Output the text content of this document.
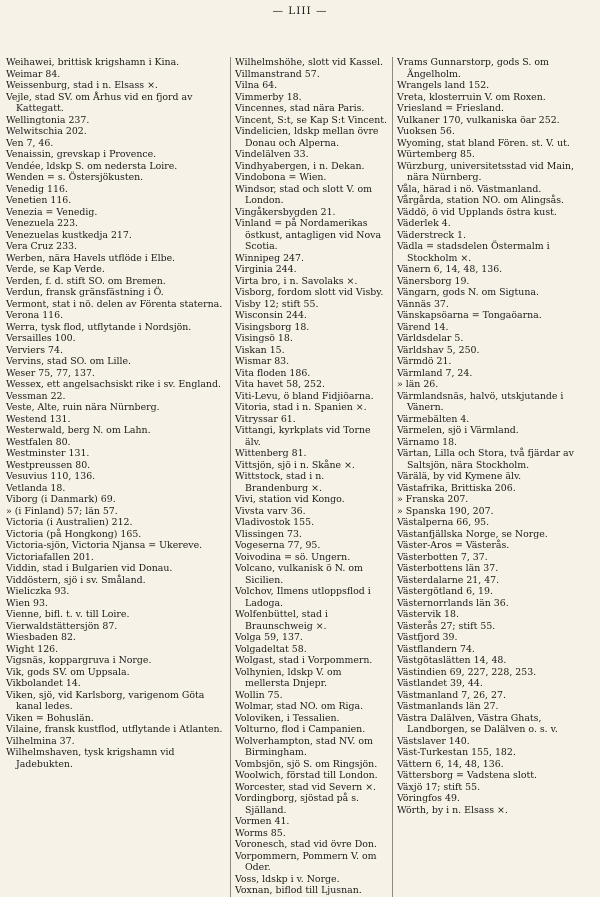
— LIII —
Weihawei, brittisk krigshamn i Kina.
Weimar 84.
Weissenburg, stad i n. Elsass ×.
Vejle, stad SV. om Århus vid en fjord av Kattegatt.
Wellingtonia 237.
Welwitschia 202.
Ven 7, 46.
Venaissin, grevskap i Provence.
Vendée, ldskp S. om nedersta Loire.
Wenden = s. Östersjökusten.
Venedig 116.
Venetien 116.
Venezia = Venedig.
Venezuela 223.
Venezuelas kustkedja 217.
Vera Cruz 233.
Werben, nära Havels utflöde i Elbe.
Verde, se Kap Verde.
Verden, f. d. stift SO. om Bremen.
Verdun, fransk gränsfästning i Ö.
Vermont, stat i nö. delen av Förenta staterna.
Verona 116.
Werra, tysk flod, utflytande i Nordsjön.
Versailles 100.
Verviers 74.
Vervins, stad SO. om Lille.
Weser 75, 77, 137.
Wessex, ett angelsachsiskt rike i sv. England.
Vessman 22.
Veste, Alte, ruin nära Nürnberg.
Westend 131.
Westerwald, berg N. om Lahn.
Westfalen 80.
Westminster 131.
Westpreussen 80.
Vesuvius 110, 136.
Vetlanda 18.
Viborg (i Danmark) 69.
» (i Finland) 57; län 57.
Victoria (i Australien) 212.
Victoria (på Hongkong) 165.
Victoria-sjön, Victoria Njansa = Ukereve.
Victoriafallen 201.
Viddin, stad i Bulgarien vid Donau.
Viddöstern, sjö i sv. Småland.
Wieliczka 93.
Wien 93.
Vienne, bifl. t. v. till Loire.
Vierwaldstättersjön 87.
Wiesbaden 82.
Wight 126.
Vigsnäs, koppargruva i Norge.
Vik, gods SV. om Uppsala.
Vikbolandet 14.
Viken, sjö, vid Karlsborg, varigenom Göta kanal ledes.
Viken = Bohuslän.
Vilaine, fransk kustflod, utflytande i Atlanten.
Vilhelmina 37.
Wilhelmshaven, tysk krigshamn vid Jadebukten.
Wilhelmshöhe, slott vid Kassel.
Villmanstrand 57.
Vilna 64.
Vimmerby 18.
Vincennes, stad nära Paris.
Vincent, S:t, se Kap S:t Vincent.
Vindelicien, ldskp mellan övre Donau och Alperna.
Vindelälven 33.
Vindhyabergen, i n. Dekan.
Vindobona = Wien.
Windsor, stad och slott V. om London.
Vingåkersbygden 21.
Vinland = på Nordamerikas östkust, antagligen vid Nova Scotia.
Winnipeg 247.
Virginia 244.
Virta bro, i n. Savolaks ×.
Visborg, fordom slott vid Visby.
Visby 12; stift 55.
Wisconsin 244.
Visingsborg 18.
Visingsö 18.
Viskan 15.
Wismar 83.
Vita floden 186.
Vita havet 58, 252.
Viti-Levu, ö bland Fidjiöarna.
Vitoria, stad i n. Spanien ×.
Vitryssar 61.
Vittangi, kyrkplats vid Torne älv.
Wittenberg 81.
Vittsjön, sjö i n. Skåne ×.
Wittstock, stad i n. Brandenburg ×.
Vivi, station vid Kongo.
Vivsta varv 36.
Vladivostok 155.
Vlissingen 73.
Vogeserna 77, 95.
Voivodina = sö. Ungern.
Volcano, vulkanisk ö N. om Sicilien.
Volchov, Ilmens utloppsflod i Ladoga.
Wolfenbüttel, stad i Braunschweig ×.
Volga 59, 137.
Volgadeltat 58.
Wolgast, stad i Vorpommern.
Volhynien, ldskp V. om mellersta Dnjepr.
Wollin 75.
Wolmar, stad NO. om Riga.
Voloviken, i Tessalien.
Volturno, flod i Campanien.
Wolverhampton, stad NV. om Birmingham.
Vombsjön, sjö S. om Ringsjön.
Woolwich, förstad till London.
Worcester, stad vid Severn ×.
Vordingborg, sjöstad på s. Själland.
Vormen 41.
Worms 85.
Voronesch, stad vid övre Don.
Vorpommern, Pommern V. om Oder.
Voss, ldskp i v. Norge.
Voxnan, biflod till Ljusnan.
Vrams Gunnarstorp, gods S. om Ängelholm.
Wrangels land 152.
Vreta, klosterruin V. om Roxen.
Vriesland = Friesland.
Vulkaner 170, vulkaniska öar 252.
Vuoksen 56.
Wyoming, stat bland Fören. st. V. ut.
Würtemberg 85.
Würzburg, universitetsstad vid Main, nära Nürnberg.
Våla, härad i nö. Västmanland.
Vårgårda, station NO. om Alingsås.
Väddö, ö vid Upplands östra kust.
Väderlek 4.
Väderstreck 1.
Vädla = stadsdelen Östermalm i Stockholm ×.
Vänern 6, 14, 48, 136.
Vänersborg 19.
Vängarn, gods N. om Sigtuna.
Vännäs 37.
Vänskapsöarna = Tongaöarna.
Värend 14.
Världsdelar 5.
Världshav 5, 250.
Värmdö 21.
Värmland 7, 24.
» län 26.
Värmlandsnäs, halvö, utskjutande i Vänern.
Värmebälten 4.
Värmelen, sjö i Värmland.
Värnamo 18.
Värtan, Lilla och Stora, två fjärdar av Saltsjön, nära Stockholm.
Värälä, by vid Kymene älv.
Västafrika, Brittiska 206.
» Franska 207.
» Spanska 190, 207.
Västalperna 66, 95.
Västanfjällska Norge, se Norge.
Väster-Aros = Västerås.
Västerbotten 7, 37.
Västerbottens län 37.
Västerdalarne 21, 47.
Västergötland 6, 19.
Västernorrlands län 36.
Västervik 18.
Västerås 27; stift 55.
Västfjord 39.
Västflandern 74.
Västgötaslätten 14, 48.
Västindien 69, 227, 228, 253.
Västlandet 39, 44.
Västmanland 7, 26, 27.
Västmanlands län 27.
Västra Dalälven, Västra Ghats, Landborgen, se Dalälven o. s. v.
Västslaver 140.
Väst-Turkestan 155, 182.
Vättern 6, 14, 48, 136.
Vättersborg = Vadstena slott.
Växjö 17; stift 55.
Vöringfos 49.
Wörth, by i n. Elsass ×.
